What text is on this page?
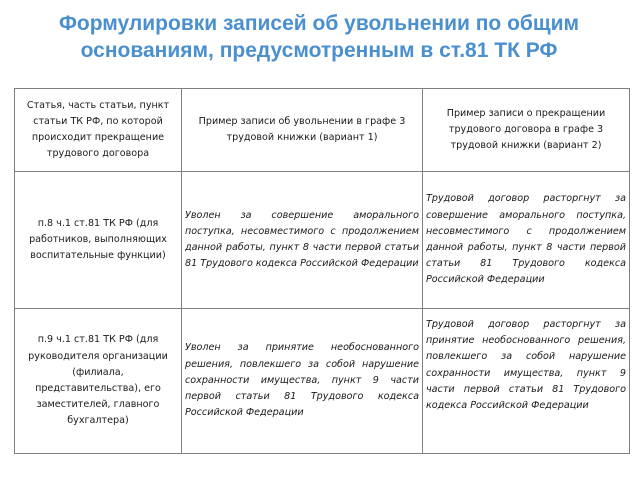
Формулировки записей об увольнении по общим
основаниям, предусмотренным в ст.81 ТК РФ
Статья, часть статьи, пункт статьи ТК РФ, по которой происходит прекращение трудового договора	Пример записи об увольнении в графе 3 трудовой книжки (вариант 1)	Пример записи о прекращении трудового договора в графе 3 трудовой книжки (вариант 2)
п.8 ч.1 ст.81 ТК РФ (для работников, выполняющих воспитательные функции)	Уволен за совершение аморального поступка, несовместимого с продолжением данной работы, пункт 8 части первой статьи 81 Трудового кодекса Российской Федерации	Трудовой договор расторгнут за совершение аморального поступка, несовместимого с продолжением данной работы, пункт 8 части первой статьи 81 Трудового кодекса Российской Федерации
п.9 ч.1 ст.81 ТК РФ (для руководителя организации (филиала, представительства), его заместителей, главного бухгалтера)	Уволен за принятие необоснованного решения, повлекшего за собой нарушение сохранности имущества, пункт 9 части первой статьи 81 Трудового кодекса Российской Федерации	Трудовой договор расторгнут за принятие необоснованного решения, повлекшего за собой нарушение сохранности имущества, пункт 9 части первой статьи 81 Трудового кодекса Российской Федерации
